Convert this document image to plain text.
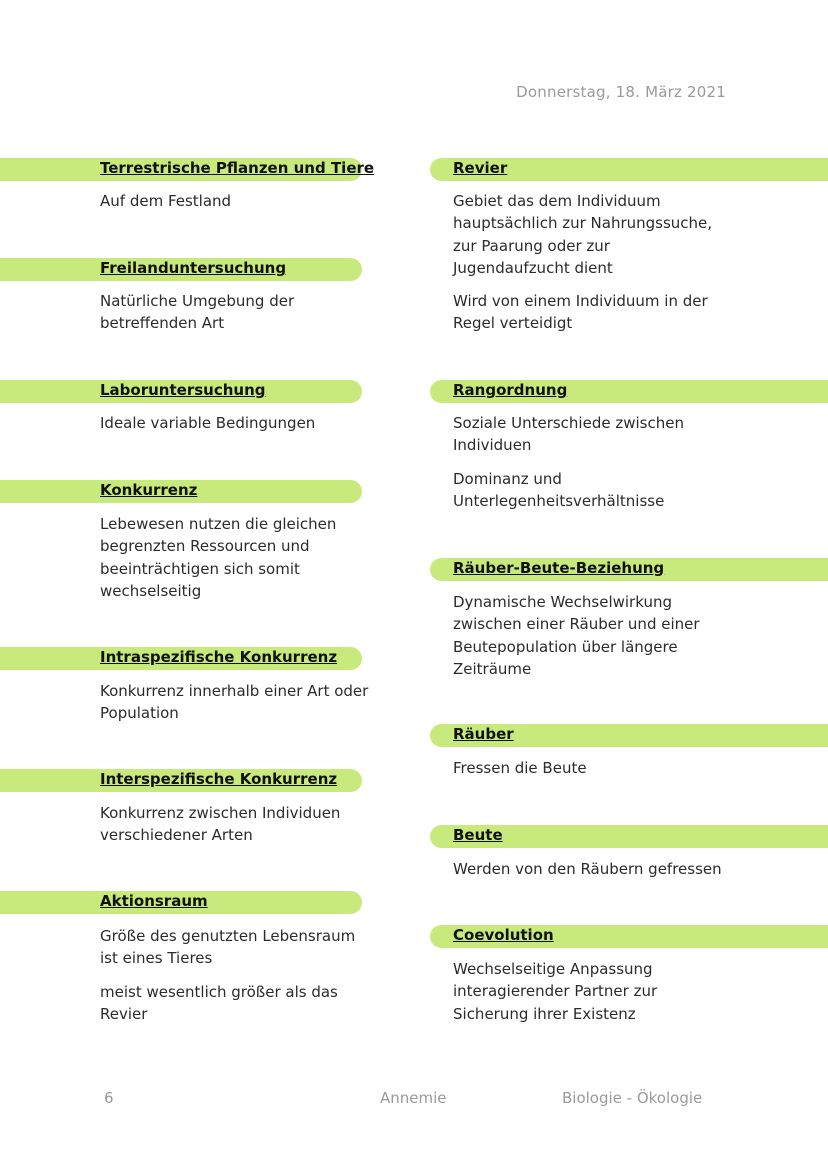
Donnerstag, 18. März 2021
Terrestrische Pflanzen und Tiere

Auf dem Festland

Freilanduntersuchung

Natürliche Umgebung der betreffenden Art

Laboruntersuchung

Ideale variable Bedingungen

Konkurrenz

Lebewesen nutzen die gleichen begrenzten Ressourcen und beeinträchtigen sich somit wechselseitig

Intraspezifische Konkurrenz

Konkurrenz innerhalb einer Art oder Population

Interspezifische Konkurrenz

Konkurrenz zwischen Individuen verschiedener Arten

Aktionsraum

Größe des genutzten Lebensraum ist eines Tieres

meist wesentlich größer als das Revier

Revier

Gebiet das dem Individuum hauptsächlich zur Nahrungssuche, zur Paarung oder zur Jugendaufzucht dient

Wird von einem Individuum in der Regel verteidigt

Rangordnung

Soziale Unterschiede zwischen Individuen

Dominanz und Unterlegenheitsverhältnisse

Räuber-Beute-Beziehung

Dynamische Wechselwirkung zwischen einer Räuber und einer Beutepopulation über längere Zeiträume

Räuber

Fressen die Beute

Beute

Werden von den Räubern gefressen

Coevolution

Wechselseitige Anpassung interagierender Partner zur Sicherung ihrer Existenz

6	Annemie	Biologie - Ökologie
